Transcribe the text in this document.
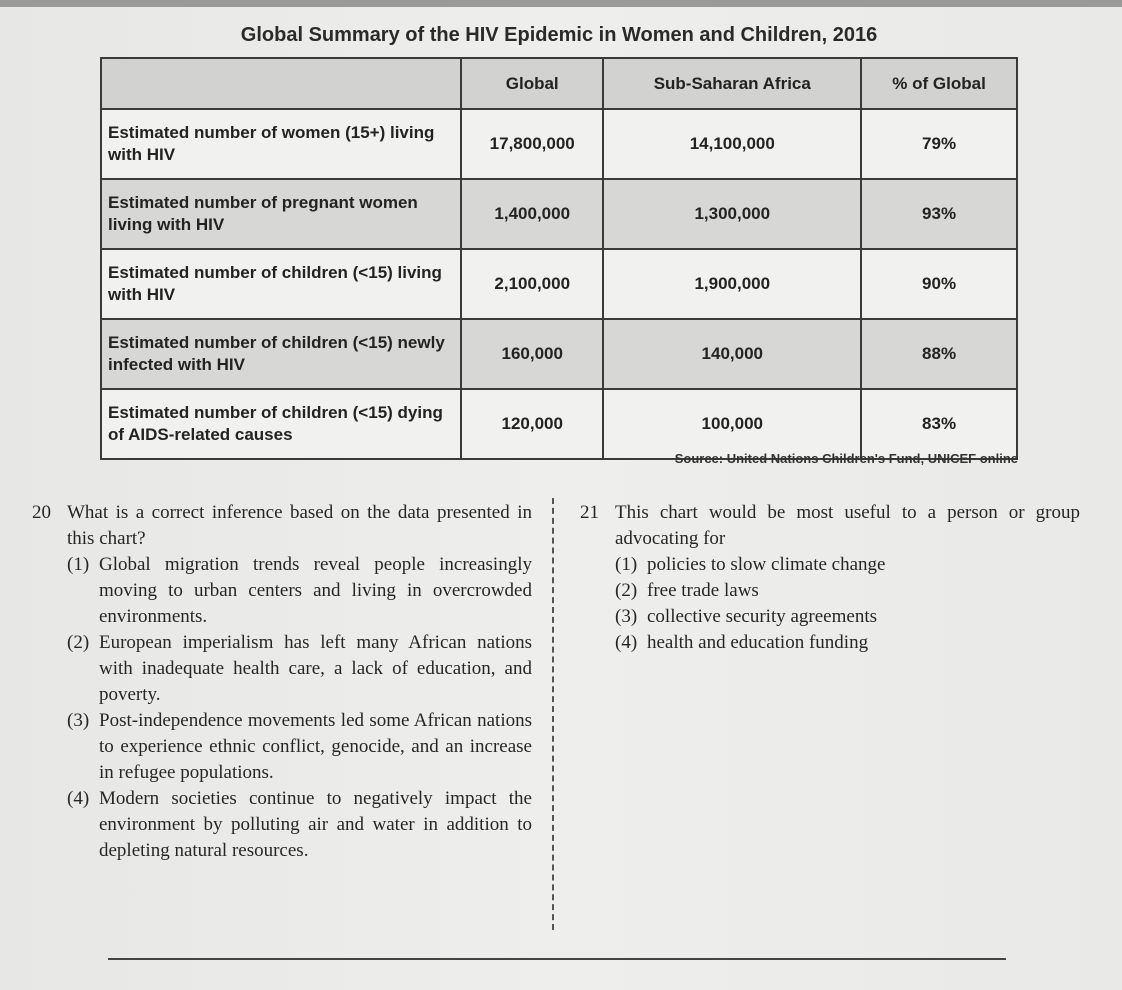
Global Summary of the HIV Epidemic in Women and Children, 2016
	Global	Sub-Saharan Africa	% of Global
Estimated number of women (15+) living with HIV	17,800,000	14,100,000	79%
Estimated number of pregnant women living with HIV	1,400,000	1,300,000	93%
Estimated number of children (<15) living with HIV	2,100,000	1,900,000	90%
Estimated number of children (<15) newly infected with HIV	160,000	140,000	88%
Estimated number of children (<15) dying of AIDS-related causes	120,000	100,000	83%
Source: United Nations Children's Fund, UNICEF online
20 What is a correct inference based on the data presented in this chart?
(1) Global migration trends reveal people increasingly moving to urban centers and living in overcrowded environments.
(2) European imperialism has left many African nations with inadequate health care, a lack of education, and poverty.
(3) Post-independence movements led some African nations to experience ethnic conflict, genocide, and an increase in refugee populations.
(4) Modern societies continue to negatively impact the environment by polluting air and water in addition to depleting natural resources.
21 This chart would be most useful to a person or group advocating for
(1) policies to slow climate change
(2) free trade laws
(3) collective security agreements
(4) health and education funding
